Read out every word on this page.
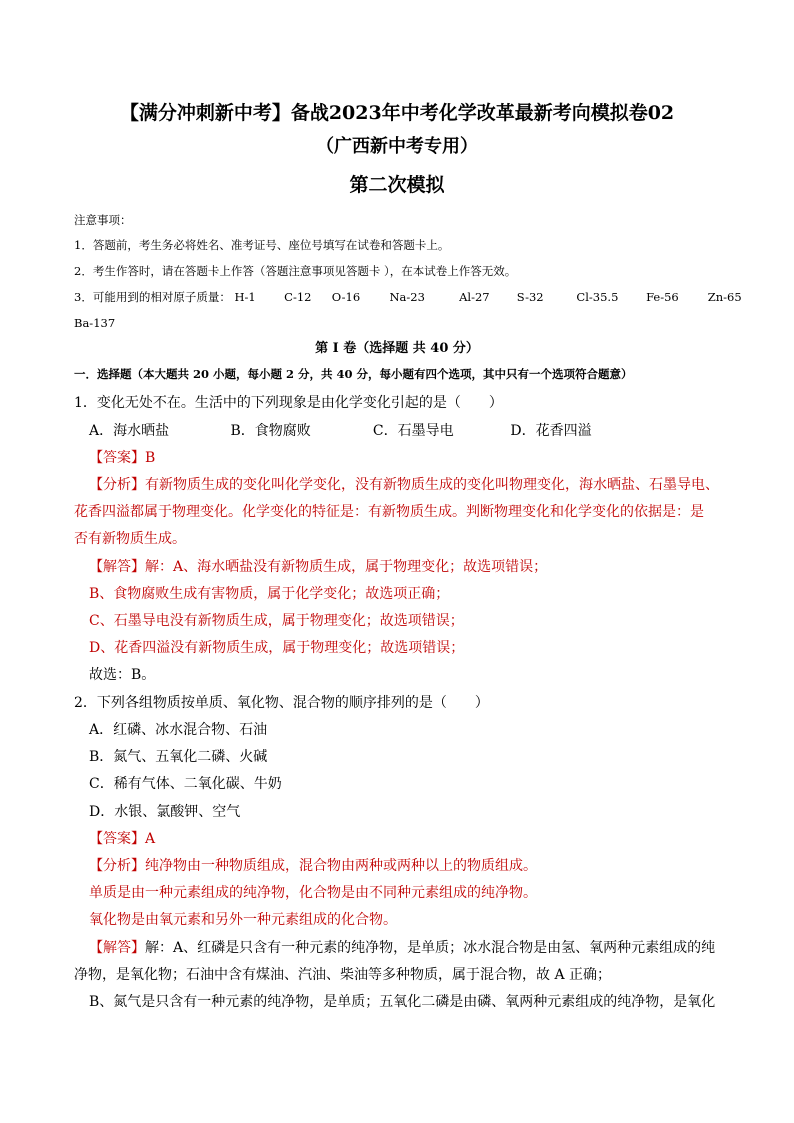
【满分冲刺新中考】备战2023年中考化学改革最新考向模拟卷02
（广西新中考专用）
第二次模拟
注意事项：
1．答题前，考生务必将姓名、准考证号、座位号填写在试卷和答题卡上。
2．考生作答时，请在答题卡上作答（答题注意事项见答题卡 ），在本试卷上作答无效。
3．可能用到的相对原子质量： H-1 C-12 O-16	Na-23	Al-27 S-32	Cl-35.5 Fe-56	Zn-65
Ba-137
第 I 卷（选择题 共 40 分）
一．选择题（本大题共 20 小题，每小题 2 分，共 40 分，每小题有四个选项，其中只有一个选项符合题意）
1．变化无处不在。生活中的下列现象是由化学变化引起的是（　　）
A．海水晒盐	B．食物腐败	C．石墨导电	D．花香四溢
【答案】B
【分析】有新物质生成的变化叫化学变化，没有新物质生成的变化叫物理变化，海水晒盐、石墨导电、
花香四溢都属于物理变化。化学变化的特征是：有新物质生成。判断物理变化和化学变化的依据是：是
否有新物质生成。
【解答】解：A、海水晒盐没有新物质生成，属于物理变化；故选项错误；
B、食物腐败生成有害物质，属于化学变化；故选项正确；
C、石墨导电没有新物质生成，属于物理变化；故选项错误；
D、花香四溢没有新物质生成，属于物理变化；故选项错误；
故选：B。
2．下列各组物质按单质、氧化物、混合物的顺序排列的是（　　）
A．红磷、冰水混合物、石油
B．氮气、五氧化二磷、火碱
C．稀有气体、二氧化碳、牛奶
D．水银、氯酸钾、空气
【答案】A
【分析】纯净物由一种物质组成，混合物由两种或两种以上的物质组成。
单质是由一种元素组成的纯净物，化合物是由不同种元素组成的纯净物。
氧化物是由氧元素和另外一种元素组成的化合物。
【解答】解：A、红磷是只含有一种元素的纯净物，是单质；冰水混合物是由氢、氧两种元素组成的纯
净物，是氧化物；石油中含有煤油、汽油、柴油等多种物质，属于混合物，故 A 正确；
B、氮气是只含有一种元素的纯净物，是单质；五氧化二磷是由磷、氧两种元素组成的纯净物，是氧化
